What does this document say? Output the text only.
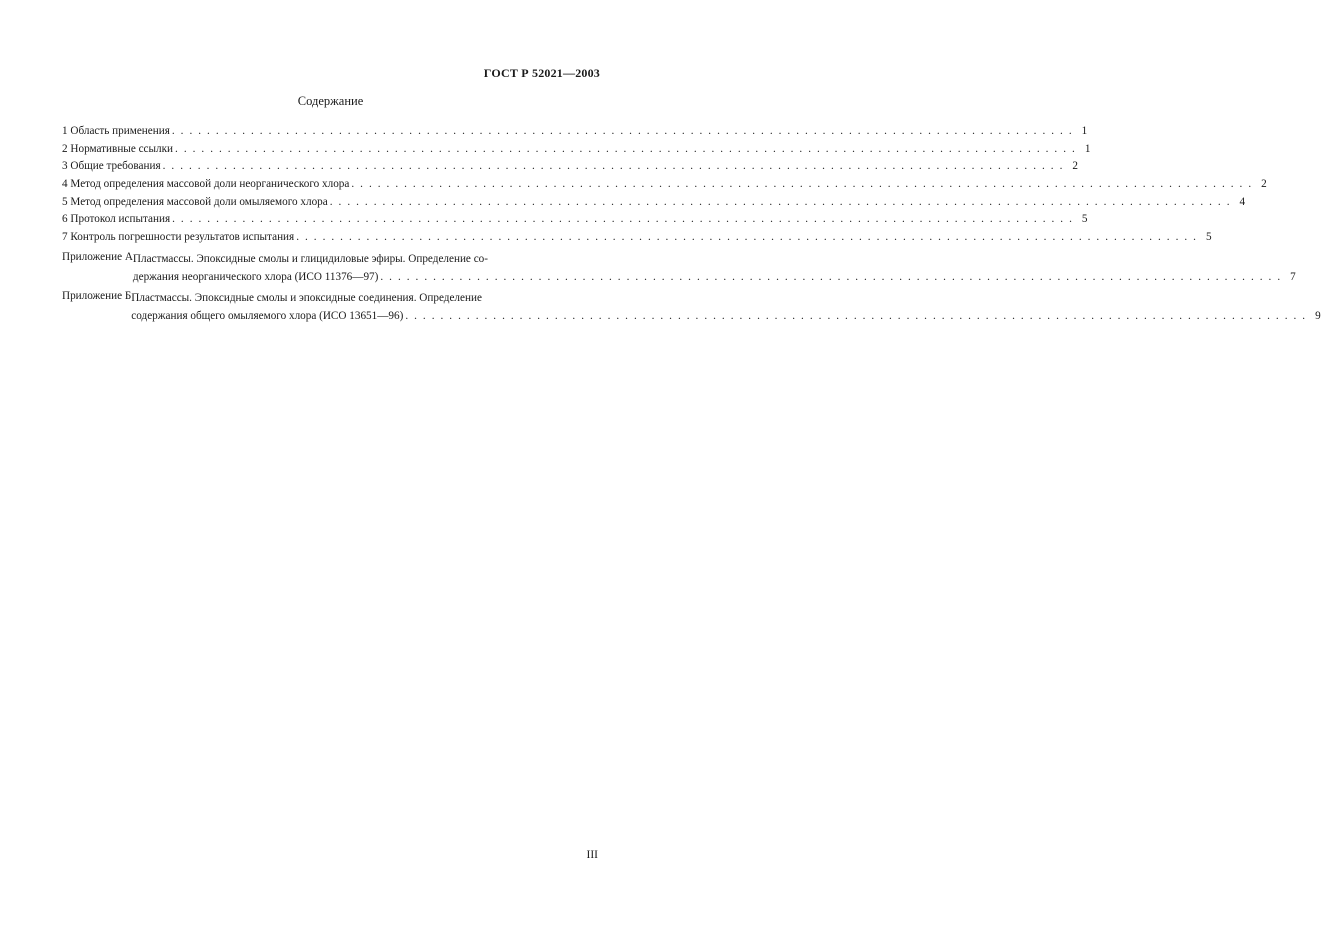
ГОСТ Р 52021—2003
Содержание
1 Область применения . . .	1
2 Нормативные ссылки . . .	1
3 Общие требования . . .	2
4 Метод определения массовой доли неорганического хлора . . .	2
5 Метод определения массовой доли омыляемого хлора . . .	4
6 Протокол испытания . . .	5
7 Контроль погрешности результатов испытания . . .	5
Приложение А Пластмассы. Эпоксидные смолы и глицидиловые эфиры. Определение со-
держания неорганического хлора (ИСО 11376—97) . . .	7
Приложение Б Пластмассы. Эпоксидные смолы и эпоксидные соединения. Определение
содержания общего омыляемого хлора (ИСО 13651—96) . . .	9
III
